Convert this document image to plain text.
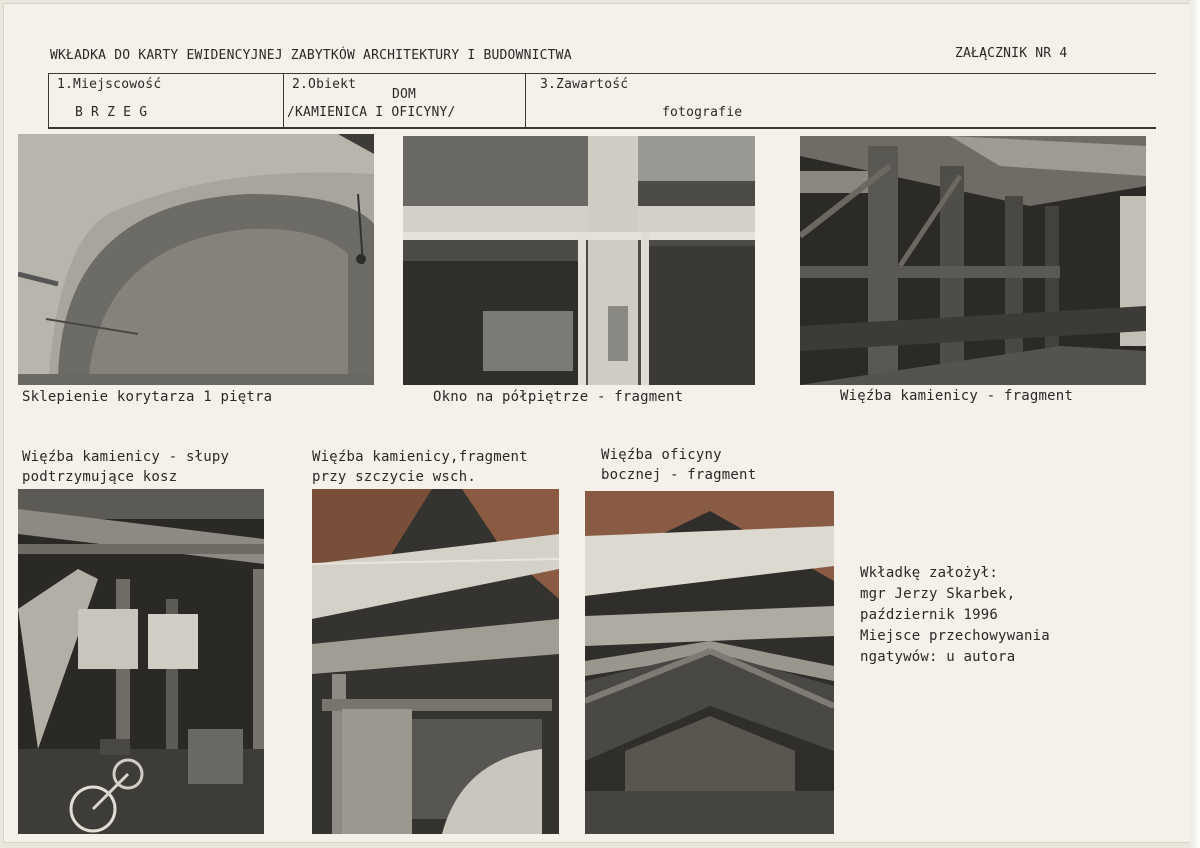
WKŁADKA DO KARTY EWIDENCYJNEJ ZABYTKÓW ARCHITEKTURY I BUDOWNICTWA	ZAŁĄCZNIK NR 4
1.Miejscowość
B R Z E G
2.Obiekt
DOM
/KAMIENICA I OFICYNY/
3.Zawartość
fotografie
Sklepienie korytarza 1 piętra	Okno na półpiętrze - fragment	Więźba kamienicy - fragment
Więźba kamienicy - słupy
podtrzymujące kosz
Więźba kamienicy,fragment
przy szczycie wsch.
Więźba oficyny
bocznej - fragment
Wkładkę założył:
mgr Jerzy Skarbek,
październik 1996
Miejsce przechowywania
ngatywów: u autora
